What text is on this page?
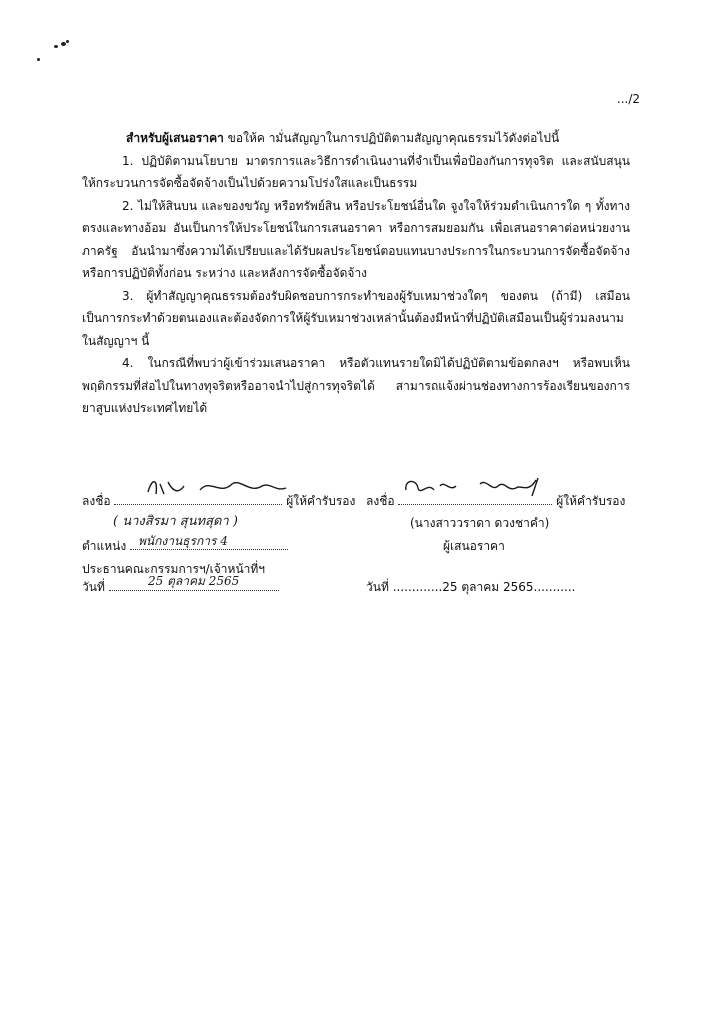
.../2

สำหรับผู้เสนอราคา ขอให้ค ามั่นสัญญาในการปฏิบัติตามสัญญาคุณธรรมไว้ดังต่อไปนี้

1. ปฏิบัติตามนโยบาย มาตรการและวิธีการดำเนินงานที่จำเป็นเพื่อป้องกันการทุจริต และสนับสนุนให้กระบวนการจัดซื้อจัดจ้างเป็นไปด้วยความโปร่งใสและเป็นธรรม

2. ไม่ให้สินบน และของขวัญ หรือทรัพย์สิน หรือประโยชน์อื่นใด จูงใจให้ร่วมดำเนินการใด ๆ ทั้งทางตรงและทางอ้อม อันเป็นการให้ประโยชน์ในการเสนอราคา หรือการสมยอมกัน เพื่อเสนอราคาต่อหน่วยงานภาครัฐ อันนำมาซึ่งความได้เปรียบและได้รับผลประโยชน์ตอบแทนบางประการในกระบวนการจัดซื้อจัดจ้าง หรือการปฏิบัติทั้งก่อน ระหว่าง และหลังการจัดซื้อจัดจ้าง

3. ผู้ทำสัญญาคุณธรรมต้องรับผิดชอบการกระทำของผู้รับเหมาช่วงใดๆ ของตน (ถ้ามี) เสมือนเป็นการกระทำด้วยตนเองและต้องจัดการให้ผู้รับเหมาช่วงเหล่านั้นต้องมีหน้าที่ปฏิบัติเสมือนเป็นผู้ร่วมลงนามในสัญญาฯ นี้

4. ในกรณีที่พบว่าผู้เข้าร่วมเสนอราคา หรือตัวแทนรายใดมิได้ปฏิบัติตามข้อตกลงฯ หรือพบเห็นพฤติกรรมที่ส่อไปในทางทุจริตหรืออาจนำไปสู่การทุจริตได้ สามารถแจ้งผ่านช่องทางการร้องเรียนของการยาสูบแห่งประเทศไทยได้

ลงชื่อ	ผู้ให้คำรับรอง
( นางสิรมา สุนทสุดา )
ตำแหน่ง พนักงานธุรการ 4
ประธานคณะกรรมการฯ/เจ้าหน้าที่ฯ
วันที่	25 ตุลาคม 2565
ลงชื่อ	ผู้ให้คำรับรอง
(นางสาววราดา ดวงชาคำ)
ผู้เสนอราคา
วันที่ .............25 ตุลาคม 2565...........
